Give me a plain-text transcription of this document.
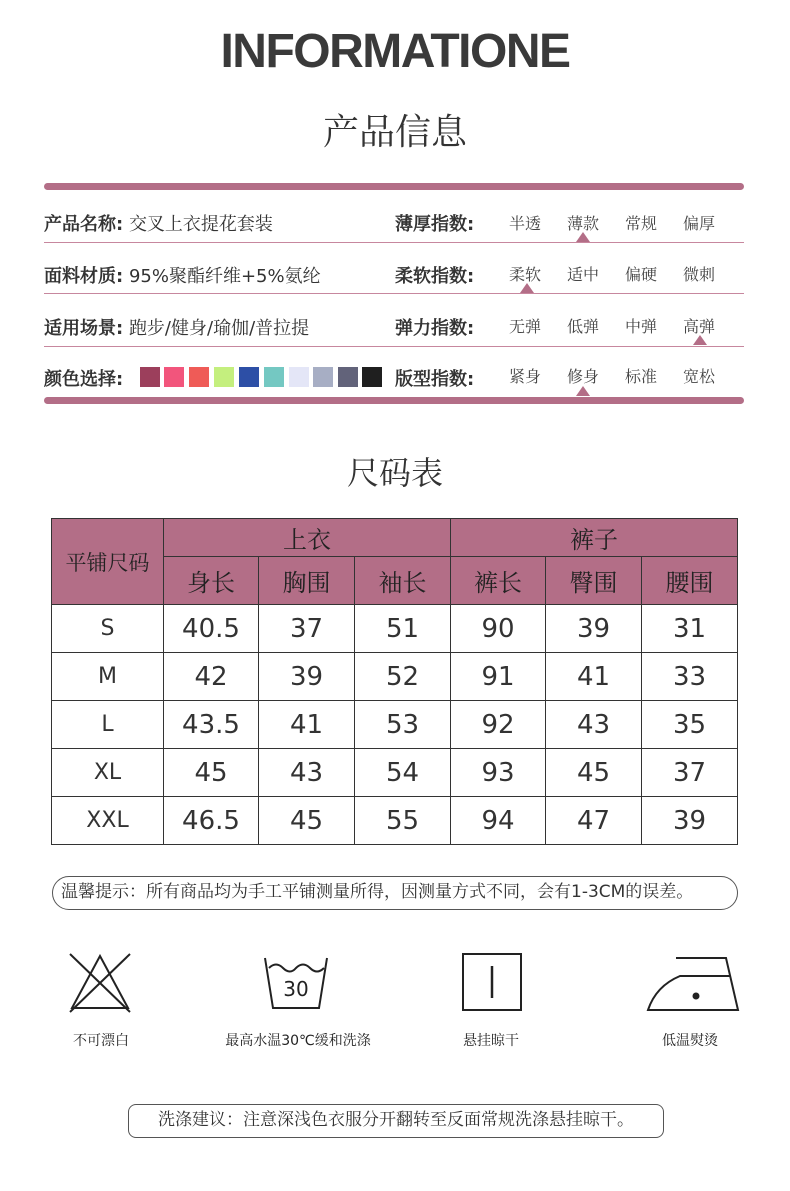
INFORMATIONE
产品信息
产品名称: 交叉上衣提花套装	薄厚指数: 半透 薄款 常规 偏厚
面料材质: 95%聚酯纤维+5%氨纶	柔软指数: 柔软 适中 偏硬 微刺
适用场景: 跑步/健身/瑜伽/普拉提	弹力指数: 无弹 低弹 中弹 高弹
颜色选择:	版型指数: 紧身 修身 标准 宽松
尺码表
平铺尺码	上衣			裤子		
	身长	胸围	袖长	裤长	臀围	腰围
S	40.5	37	51	90	39	31
M	42	39	52	91	41	33
L	43.5	41	53	92	43	35
XL	45	43	54	93	45	37
XXL	46.5	45	55	94	47	39
温馨提示：所有商品均为手工平铺测量所得，因测量方式不同，会有1-3CM的误差。
不可漂白
30
最高水温30℃缓和洗涤	悬挂晾干	低温熨烫
洗涤建议：注意深浅色衣服分开翻转至反面常规洗涤悬挂晾干。
